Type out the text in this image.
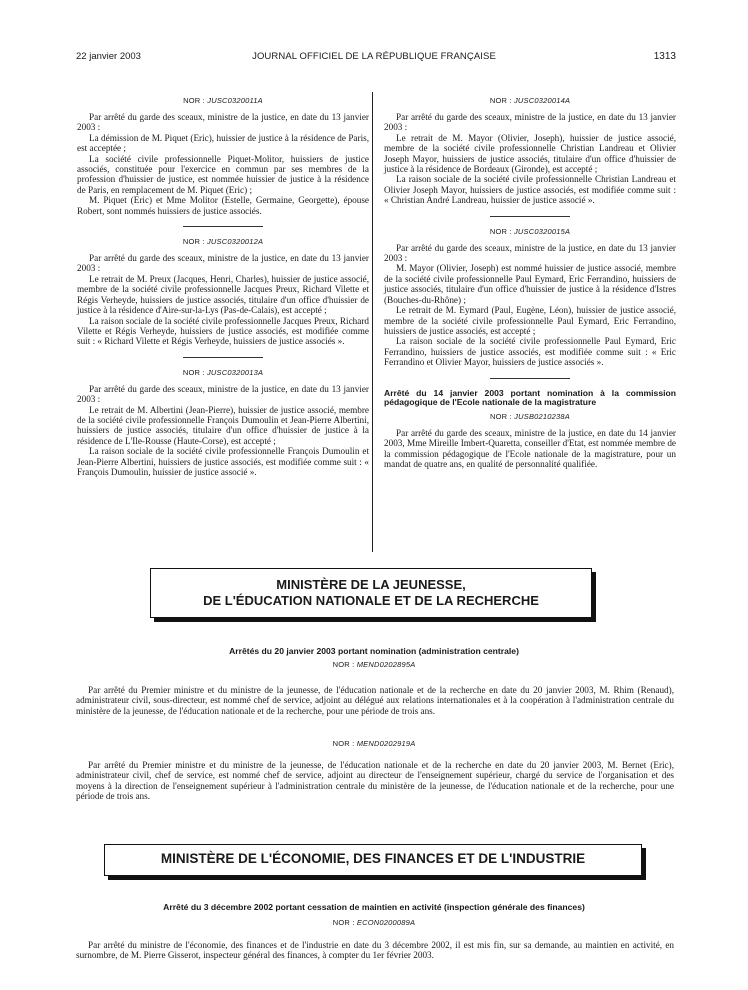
22 janvier 2003	JOURNAL OFFICIEL DE LA RÉPUBLIQUE FRANÇAISE	1313
NOR : JUSC0320011A

Par arrêté du garde des sceaux, ministre de la justice, en date du 13 janvier 2003 :

La démission de M. Piquet (Eric), huissier de justice à la résidence de Paris, est acceptée ;

La société civile professionnelle Piquet-Molitor, huissiers de justice associés, constituée pour l'exercice en commun par ses membres de la profession d'huissier de justice, est nommée huissier de justice à la résidence de Paris, en remplacement de M. Piquet (Eric) ;

M. Piquet (Eric) et Mme Molitor (Estelle, Germaine, Georgette), épouse Robert, sont nommés huissiers de justice associés.

NOR : JUSC0320012A

Par arrêté du garde des sceaux, ministre de la justice, en date du 13 janvier 2003 :

Le retrait de M. Preux (Jacques, Henri, Charles), huissier de justice associé, membre de la société civile professionnelle Jacques Preux, Richard Vilette et Régis Verheyde, huissiers de justice associés, titulaire d'un office d'huissier de justice à la résidence d'Aire-sur-la-Lys (Pas-de-Calais), est accepté ;

La raison sociale de la société civile professionnelle Jacques Preux, Richard Vilette et Régis Verheyde, huissiers de justice associés, est modifiée comme suit : « Richard Vilette et Régis Verheyde, huissiers de justice associés ».

NOR : JUSC0320013A

Par arrêté du garde des sceaux, ministre de la justice, en date du 13 janvier 2003 :

Le retrait de M. Albertini (Jean-Pierre), huissier de justice associé, membre de la société civile professionnelle François Dumoulin et Jean-Pierre Albertini, huissiers de justice associés, titulaire d'un office d'huissier de justice à la résidence de L'Ile-Rousse (Haute-Corse), est accepté ;

La raison sociale de la société civile professionnelle François Dumoulin et Jean-Pierre Albertini, huissiers de justice associés, est modifiée comme suit : « François Dumoulin, huissier de justice associé ».

NOR : JUSC0320014A

Par arrêté du garde des sceaux, ministre de la justice, en date du 13 janvier 2003 :

Le retrait de M. Mayor (Olivier, Joseph), huissier de justice associé, membre de la société civile professionnelle Christian Landreau et Olivier Joseph Mayor, huissiers de justice associés, titulaire d'un office d'huissier de justice à la résidence de Bordeaux (Gironde), est accepté ;

La raison sociale de la société civile professionnelle Christian Landreau et Olivier Joseph Mayor, huissiers de justice associés, est modifiée comme suit : « Christian André Landreau, huissier de justice associé ».

NOR : JUSC0320015A

Par arrêté du garde des sceaux, ministre de la justice, en date du 13 janvier 2003 :

M. Mayor (Olivier, Joseph) est nommé huissier de justice associé, membre de la société civile professionnelle Paul Eymard, Eric Ferrandino, huissiers de justice associés, titulaire d'un office d'huissier de justice à la résidence d'Istres (Bouches-du-Rhône) ;

Le retrait de M. Eymard (Paul, Eugène, Léon), huissier de justice associé, membre de la société civile professionnelle Paul Eymard, Eric Ferrandino, huissiers de justice associés, est accepté ;

La raison sociale de la société civile professionnelle Paul Eymard, Eric Ferrandino, huissiers de justice associés, est modifiée comme suit : « Eric Ferrandino et Olivier Mayor, huissiers de justice associés ».

Arrêté du 14 janvier 2003 portant nomination à la commission pédagogique de l'Ecole nationale de la magistrature

NOR : JUSB0210238A

Par arrêté du garde des sceaux, ministre de la justice, en date du 14 janvier 2003, Mme Mireille Imbert-Quaretta, conseiller d'Etat, est nommée membre de la commission pédagogique de l'Ecole nationale de la magistrature, pour un mandat de quatre ans, en qualité de personnalité qualifiée.

MINISTÈRE DE LA JEUNESSE,
DE L'ÉDUCATION NATIONALE ET DE LA RECHERCHE
Arrêtés du 20 janvier 2003 portant nomination (administration centrale)
NOR : MEND0202895A

Par arrêté du Premier ministre et du ministre de la jeunesse, de l'éducation nationale et de la recherche en date du 20 janvier 2003, M. Rhim (Renaud), administrateur civil, sous-directeur, est nommé chef de service, adjoint au délégué aux relations internationales et à la coopération à l'administration centrale du ministère de la jeunesse, de l'éducation nationale et de la recherche, pour une période de trois ans.

NOR : MEND0202919A

Par arrêté du Premier ministre et du ministre de la jeunesse, de l'éducation nationale et de la recherche en date du 20 janvier 2003, M. Bernet (Eric), administrateur civil, chef de service, est nommé chef de service, adjoint au directeur de l'enseignement supérieur, chargé du service de l'organisation et des moyens à la direction de l'enseignement supérieur à l'administration centrale du ministère de la jeunesse, de l'éducation nationale et de la recherche, pour une période de trois ans.

MINISTÈRE DE L'ÉCONOMIE, DES FINANCES ET DE L'INDUSTRIE
Arrêté du 3 décembre 2002 portant cessation de maintien en activité (inspection générale des finances)
NOR : ECON0200089A

Par arrêté du ministre de l'économie, des finances et de l'industrie en date du 3 décembre 2002, il est mis fin, sur sa demande, au maintien en activité, en surnombre, de M. Pierre Gisserot, inspecteur général des finances, à compter du 1er février 2003.
